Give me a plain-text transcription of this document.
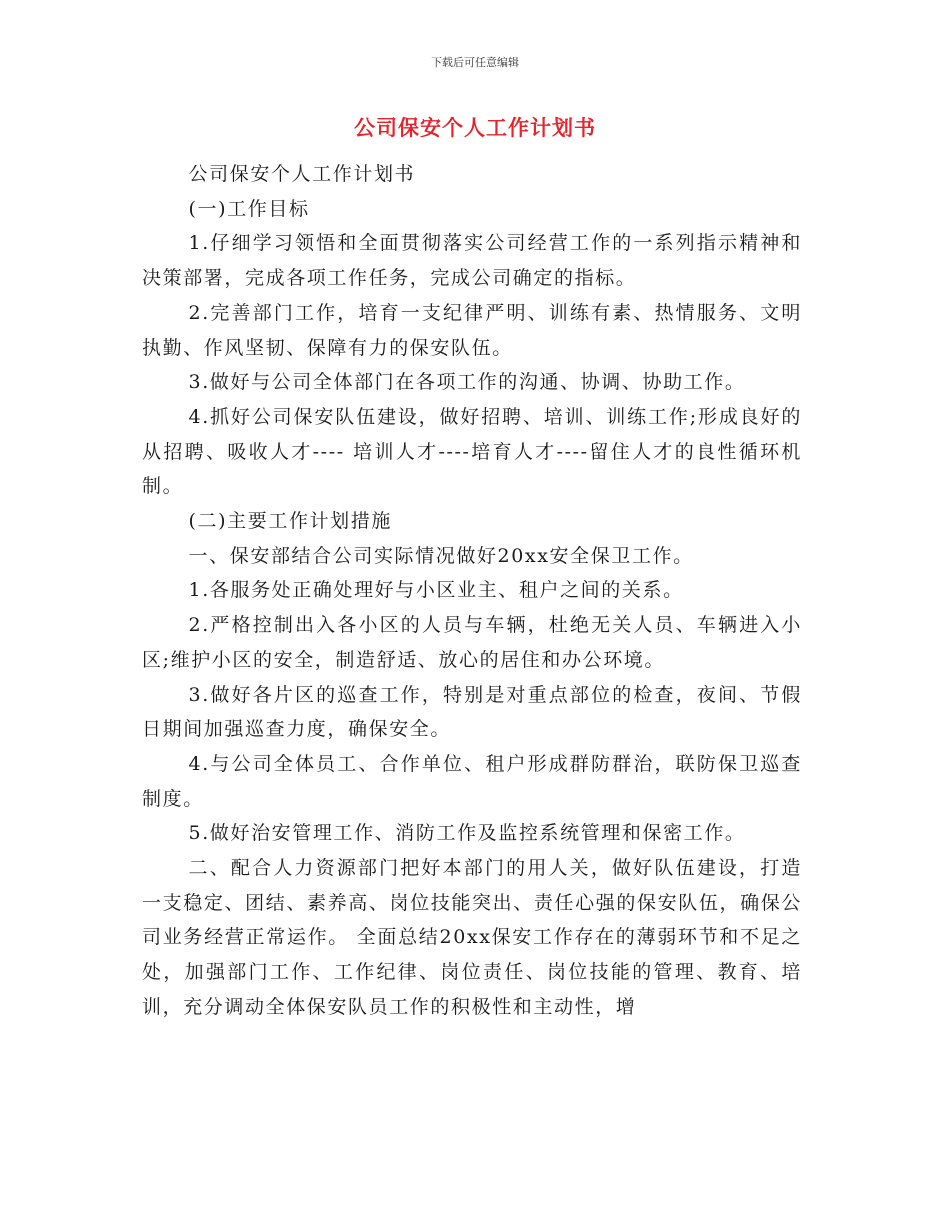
下载后可任意编辑
公司保安个人工作计划书

公司保安个人工作计划书

(一)工作目标

1.仔细学习领悟和全面贯彻落实公司经营工作的一系列指示精神和决策部署，完成各项工作任务，完成公司确定的指标。

2.完善部门工作，培育一支纪律严明、训练有素、热情服务、文明执勤、作风坚韧、保障有力的保安队伍。

3.做好与公司全体部门在各项工作的沟通、协调、协助工作。

4.抓好公司保安队伍建设，做好招聘、培训、训练工作;形成良好的从招聘、吸收人才---- 培训人才----培育人才----留住人才的良性循环机制。

(二)主要工作计划措施

一、保安部结合公司实际情况做好20xx安全保卫工作。

1.各服务处正确处理好与小区业主、租户之间的关系。

2.严格控制出入各小区的人员与车辆，杜绝无关人员、车辆进入小区;维护小区的安全，制造舒适、放心的居住和办公环境。

3.做好各片区的巡查工作，特别是对重点部位的检查，夜间、节假日期间加强巡查力度，确保安全。

4.与公司全体员工、合作单位、租户形成群防群治，联防保卫巡查制度。

5.做好治安管理工作、消防工作及监控系统管理和保密工作。

二、配合人力资源部门把好本部门的用人关，做好队伍建设，打造一支稳定、团结、素养高、岗位技能突出、责任心强的保安队伍，确保公司业务经营正常运作。 全面总结20xx保安工作存在的薄弱环节和不足之处，加强部门工作、工作纪律、岗位责任、岗位技能的管理、教育、培训，充分调动全体保安队员工作的积极性和主动性，增
